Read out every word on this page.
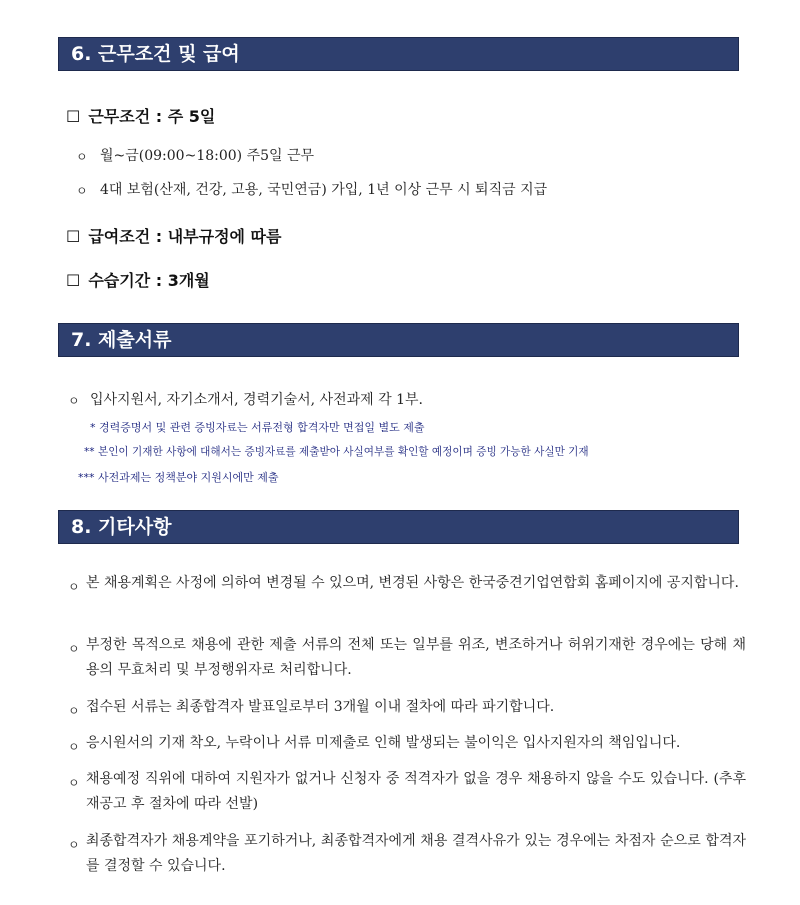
6. 근무조건 및 급여
☐ 근무조건 : 주 5일
ㅇ 월~금(09:00~18:00) 주5일 근무
ㅇ 4대 보험(산재, 건강, 고용, 국민연금) 가입, 1년 이상 근무 시 퇴직금 지급
☐ 급여조건 : 내부규정에 따름
☐ 수습기간 : 3개월
7. 제출서류
ㅇ 입사지원서, 자기소개서, 경력기술서, 사전과제 각 1부.
* 경력증명서 및 관련 증빙자료는 서류전형 합격자만 면접일 별도 제출
** 본인이 기재한 사항에 대해서는 증빙자료를 제출받아 사실여부를 확인할 예정이며 증빙 가능한 사실만 기재
*** 사전과제는 정책분야 지원시에만 제출
8. 기타사항
ㅇ 본 채용계획은 사정에 의하여 변경될 수 있으며, 변경된 사항은 한국중견기업연합회 홈페이지에 공지합니다.
ㅇ 부정한 목적으로 채용에 관한 제출 서류의 전체 또는 일부를 위조, 변조하거나 허위기재한 경우에는 당해 채용의 무효처리 및 부정행위자로 처리합니다.
ㅇ 접수된 서류는 최종합격자 발표일로부터 3개월 이내 절차에 따라 파기합니다.
ㅇ 응시원서의 기재 착오, 누락이나 서류 미제출로 인해 발생되는 불이익은 입사지원자의 책임입니다.
ㅇ 채용예정 직위에 대하여 지원자가 없거나 신청자 중 적격자가 없을 경우 채용하지 않을 수도 있습니다. (추후 재공고 후 절차에 따라 선발)
ㅇ 최종합격자가 채용계약을 포기하거나, 최종합격자에게 채용 결격사유가 있는 경우에는 차점자 순으로 합격자를 결정할 수 있습니다.
